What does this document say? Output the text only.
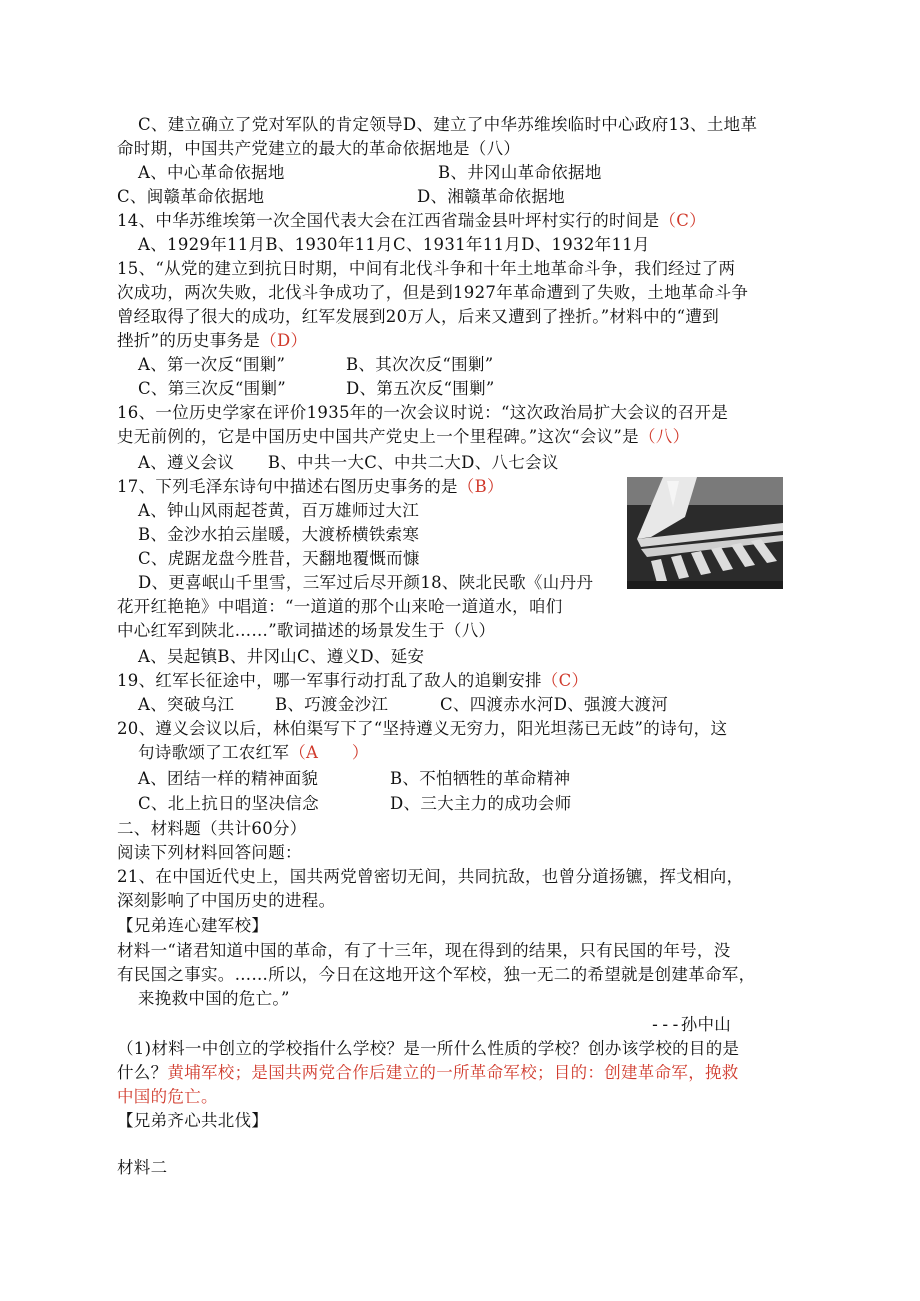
C、建立确立了党对军队的肯定领导D、建立了中华苏维埃临时中心政府13、土地革
命时期，中国共产党建立的最大的革命依据地是（八）
A、中心革命依据地	B、井冈山革命依据地
C、闽赣革命依据地	D、湘赣革命依据地
14、中华苏维埃第一次全国代表大会在江西省瑞金县叶坪村实行的时间是（C）
A、1929年11月B、1930年11月C、1931年11月D、1932年11月
15、“从党的建立到抗日时期，中间有北伐斗争和十年土地革命斗争，我们经过了两
次成功，两次失败，北伐斗争成功了，但是到1927年革命遭到了失败，土地革命斗争
曾经取得了很大的成功，红军发展到20万人，后来又遭到了挫折。”材料中的“遭到
挫折”的历史事务是（D）
A、第一次反“围剿”	B、其次次反“围剿”
C、第三次反“围剿”	D、第五次反“围剿”
16、一位历史学家在评价1935年的一次会议时说：“这次政治局扩大会议的召开是
史无前例的，它是中国历史中国共产党史上一个里程碑。”这次“会议”是（八）
A、遵义会议　　B、中共一大C、中共二大D、八七会议
17、下列毛泽东诗句中描述右图历史事务的是（B）
A、钟山风雨起苍黄，百万雄师过大江
B、金沙水拍云崖暖，大渡桥横铁索寒
C、虎踞龙盘今胜昔，天翻地覆慨而慷
D、更喜岷山千里雪，三军过后尽开颜18、陕北民歌《山丹丹
花开红艳艳》中唱道：“一道道的那个山来呛一道道水，咱们
中心红军到陕北……”歌词描述的场景发生于（八）
A、吴起镇B、井冈山C、遵义D、延安
19、红军长征途中，哪一军事行动打乱了敌人的追剿安排（C）
A、突破乌江 B、巧渡金沙江	C、四渡赤水河D、强渡大渡河
20、遵义会议以后，林伯渠写下了“坚持遵义无穷力，阳光坦荡已无歧”的诗句，这
句诗歌颂了工农红军（A　　）
A、团结一样的精神面貌	B、不怕牺牲的革命精神
C、北上抗日的坚决信念	D、三大主力的成功会师
二、材料题（共计60分）
阅读下列材料回答问题：
21、在中国近代史上，国共两党曾密切无间，共同抗敌，也曾分道扬镳，挥戈相向，
深刻影响了中国历史的进程。
【兄弟连心建军校】
材料一“诸君知道中国的革命，有了十三年，现在得到的结果，只有民国的年号，没
有民国之事实。……所以，今日在这地开这个军校，独一无二的希望就是创建革命军，
来挽救中国的危亡。”
---孙中山
（1)材料一中创立的学校指什么学校？是一所什么性质的学校？创办该学校的目的是
什么？黄埔军校；是国共两党合作后建立的一所革命军校；目的：创建革命军，挽救
中国的危亡。
【兄弟齐心共北伐】
材料二
